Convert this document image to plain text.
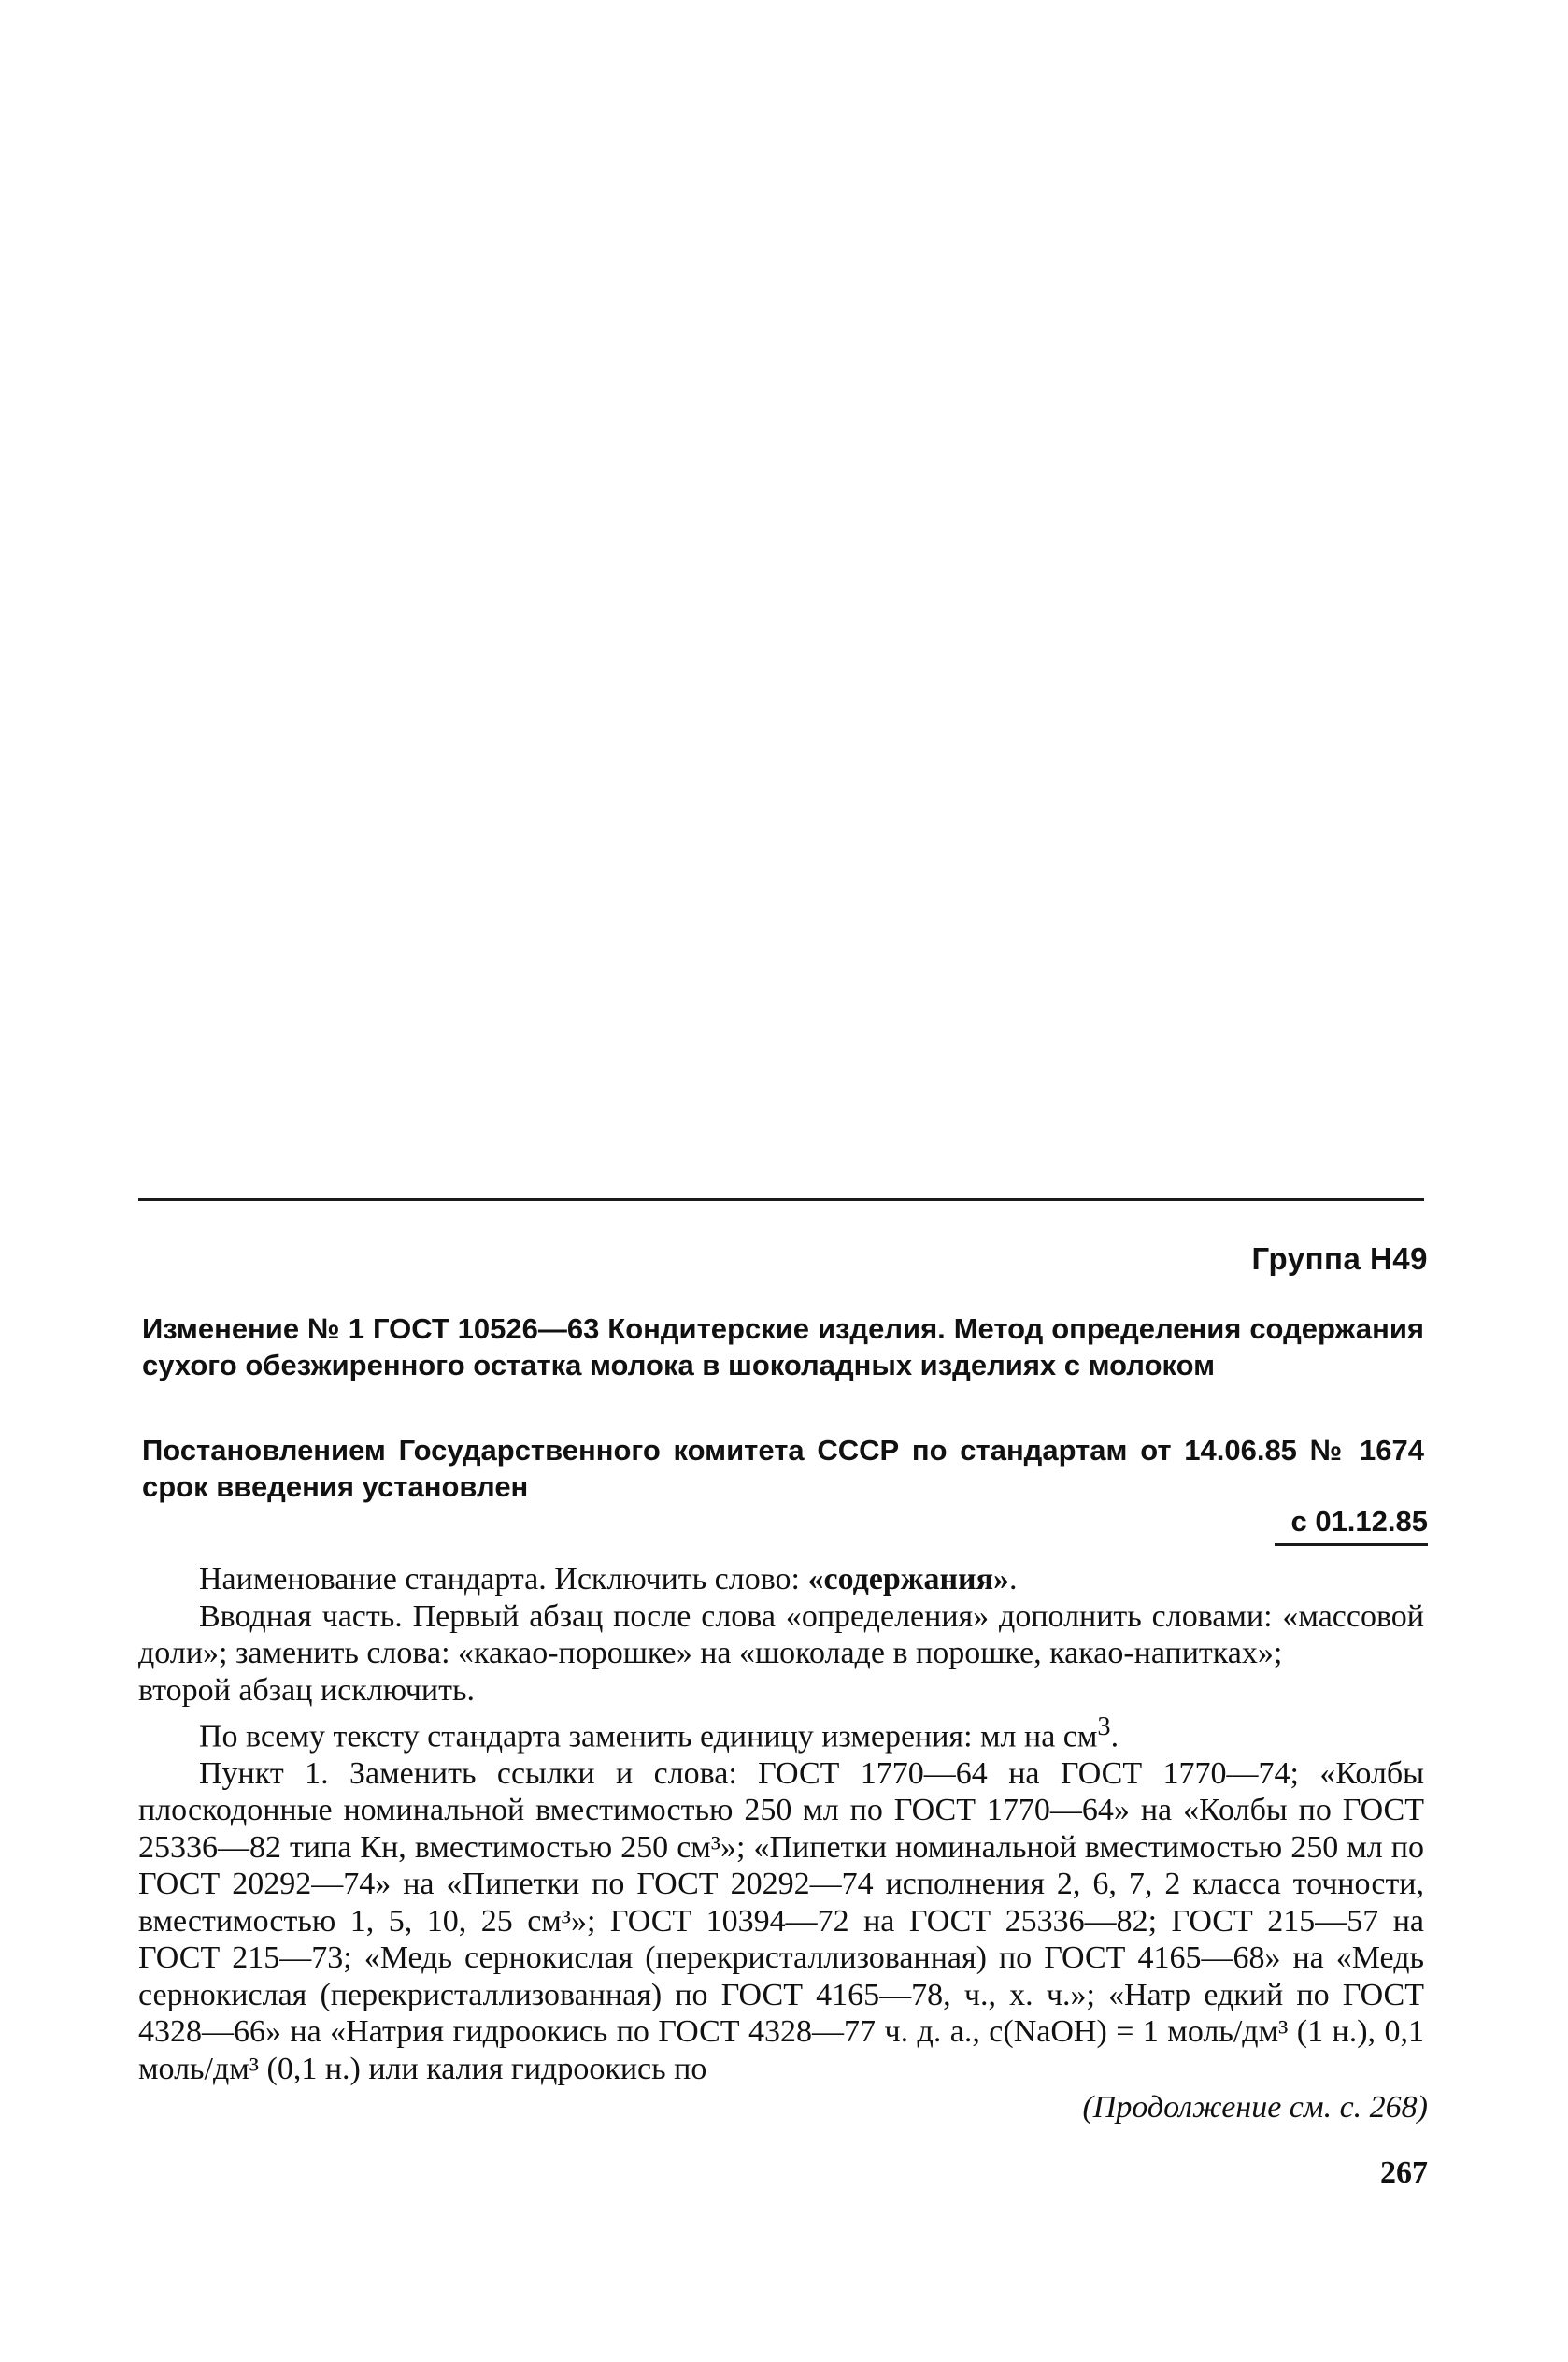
Группа Н49
Изменение № 1 ГОСТ 10526—63 Кондитерские изделия. Метод определения содержания сухого обезжиренного остатка молока в шоколадных изделиях с молоком
Постановлением Государственного комитета СССР по стандартам от 14.06.85 № 1674 срок введения установлен
с 01.12.85

Наименование стандарта. Исключить слово: «содержания».

Вводная часть. Первый абзац после слова «определения» дополнить словами: «массовой доли»; заменить слова: «какао-порошке» на «шоколаде в порошке, какао-напитках»;

второй абзац исключить.

По всему тексту стандарта заменить единицу измерения: мл на $см^3$.

Пункт 1. Заменить ссылки и слова: ГОСТ 1770—64 на ГОСТ 1770—74; «Колбы плоскодонные номинальной вместимостью 250 мл по ГОСТ 1770—64» на «Колбы по ГОСТ 25336—82 типа Кн, вместимостью 250 см³»; «Пипетки номинальной вместимостью 250 мл по ГОСТ 20292—74» на «Пипетки по ГОСТ 20292—74 исполнения 2, 6, 7, 2 класса точности, вместимостью 1, 5, 10, 25 см³»; ГОСТ 10394—72 на ГОСТ 25336—82; ГОСТ 215—57 на ГОСТ 215—73; «Медь сернокислая (перекристаллизованная) по ГОСТ 4165—68» на «Медь сернокислая (перекристаллизованная) по ГОСТ 4165—78, ч., х. ч.»; «Натр едкий по ГОСТ 4328—66» на «Натрия гидроокись по ГОСТ 4328—77 ч. д. а., c(NaOH) = 1 моль/дм³ (1 н.), 0,1 моль/дм³ (0,1 н.) или калия гидроокись по

(Продолжение см. с. 268)
267
